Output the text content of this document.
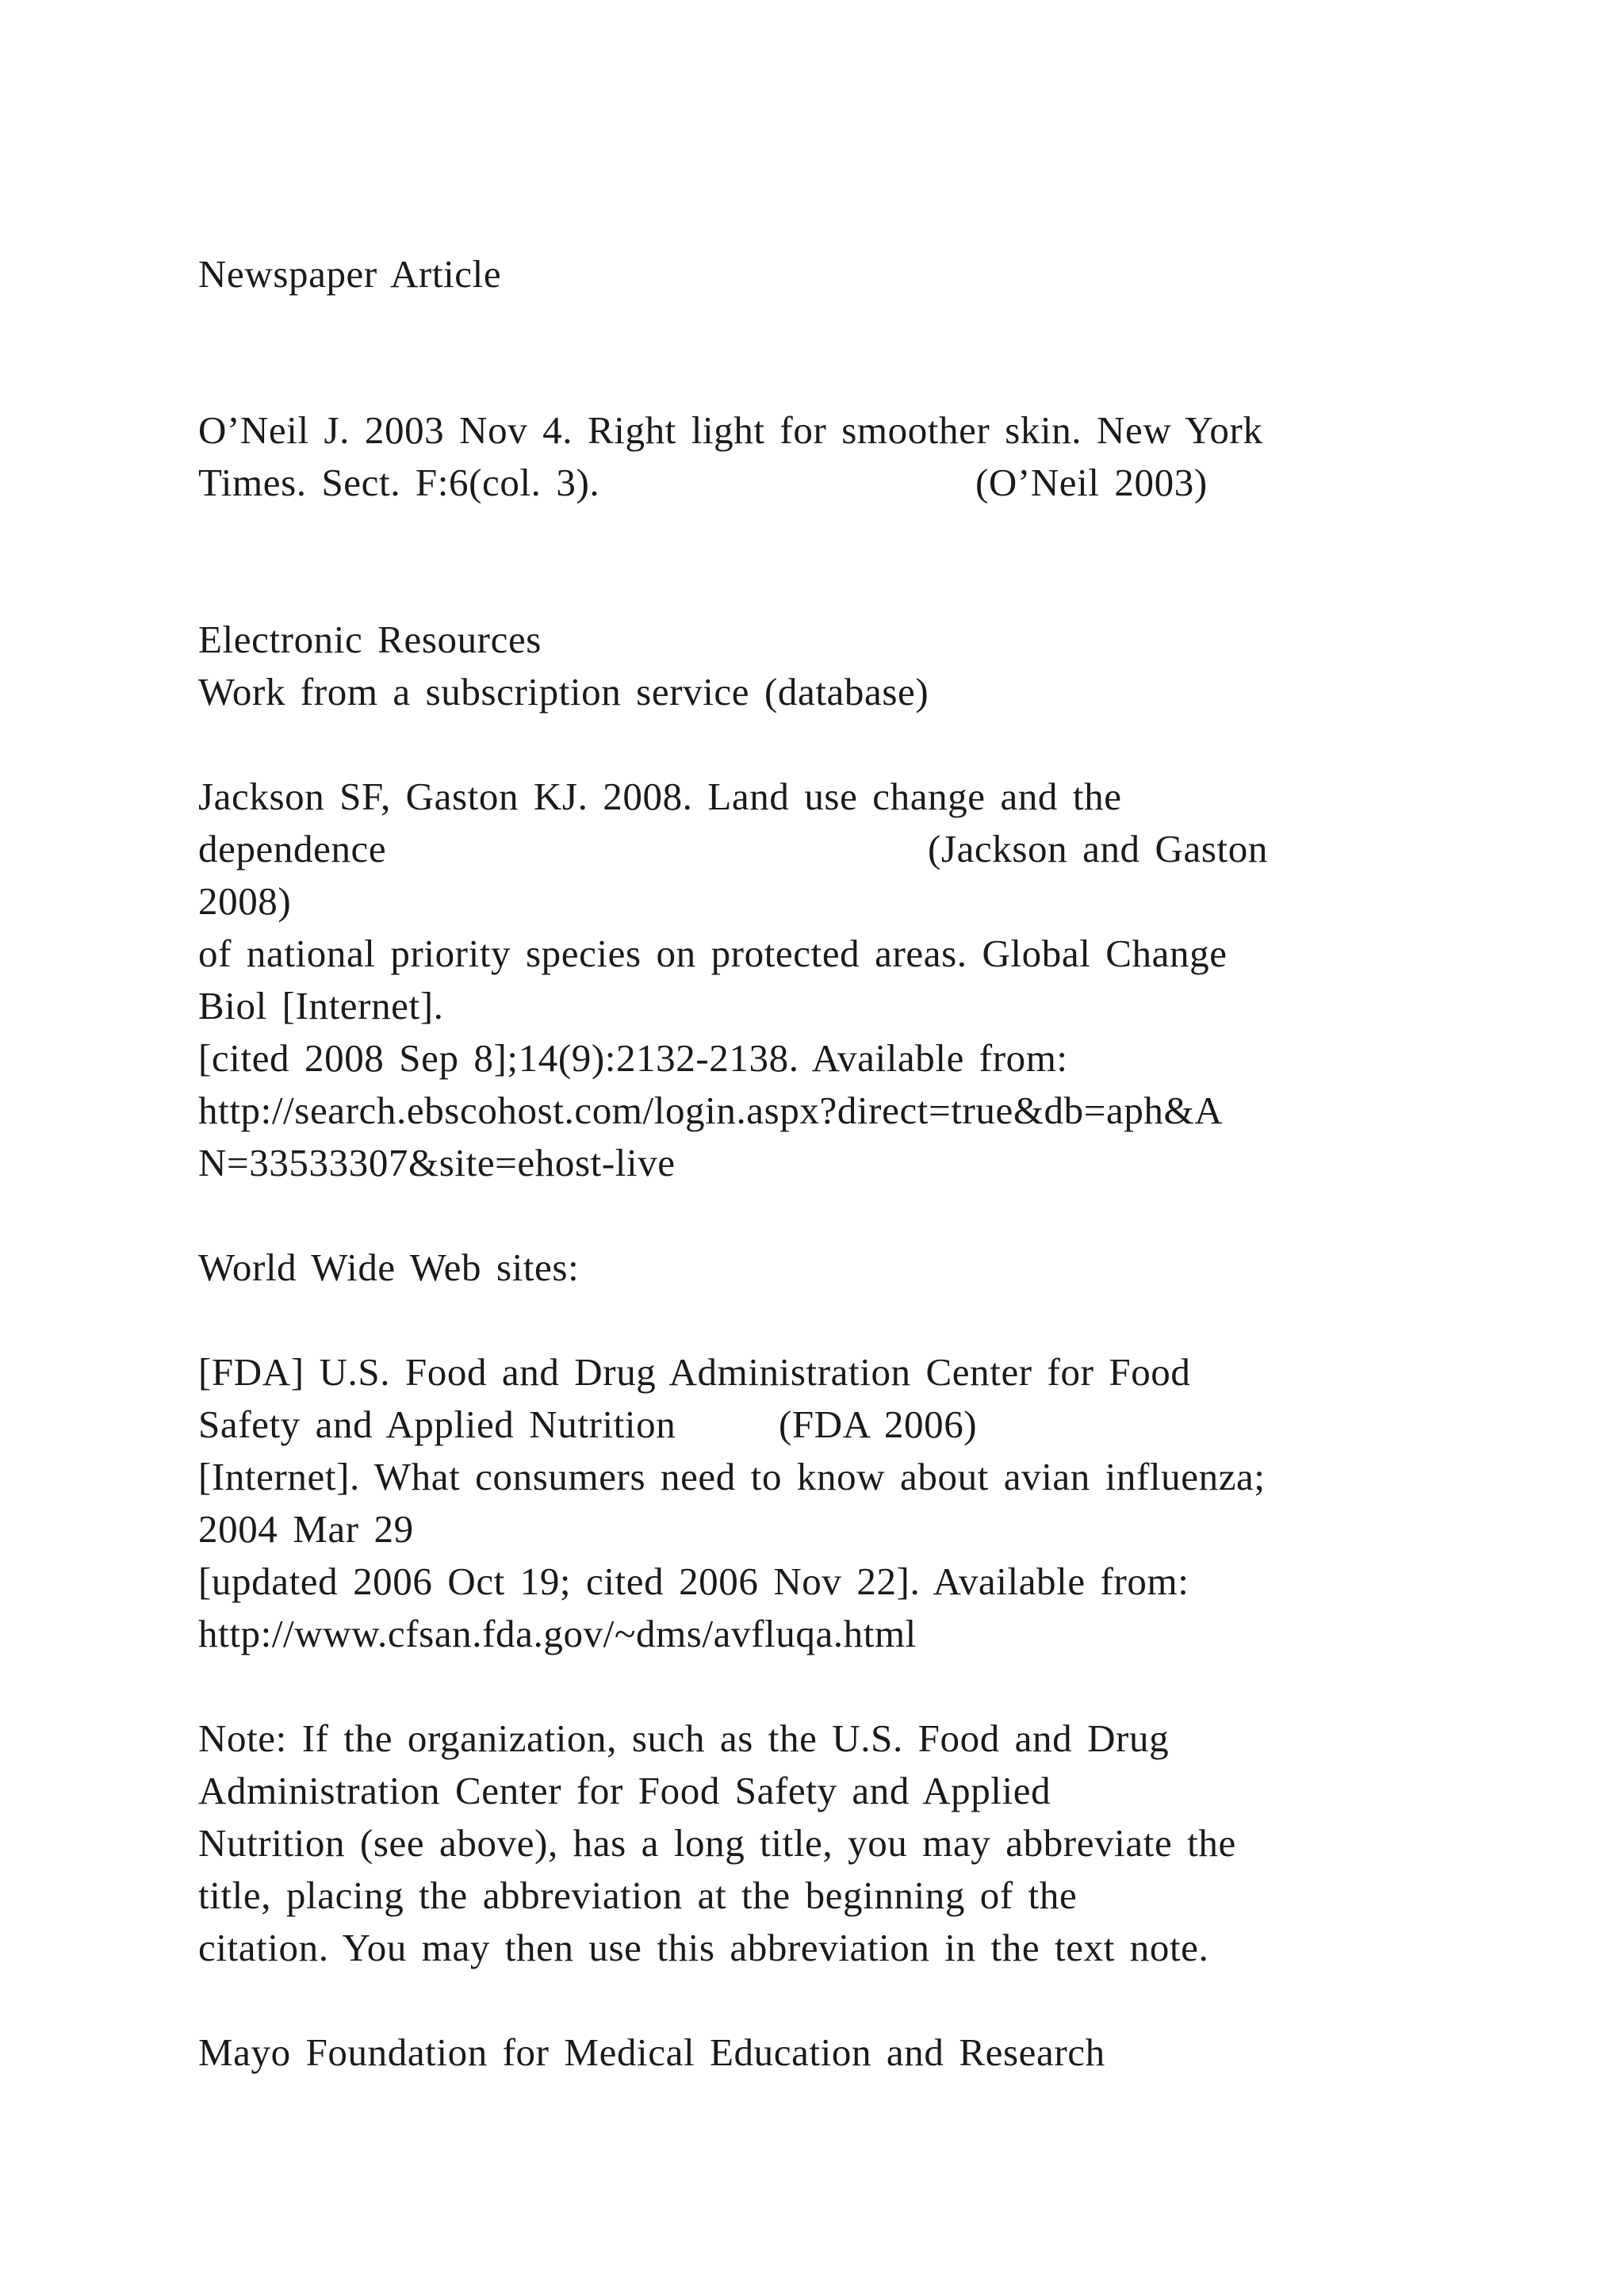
Newspaper Article
O’Neil J. 2003 Nov 4. Right light for smoother skin. New York
Times. Sect. F:6(col. 3).	(O’Neil 2003)
Electronic Resources
Work from a subscription service (database)
Jackson SF, Gaston KJ. 2008. Land use change and the
dependence	(Jackson and Gaston
2008)
of national priority species on protected areas. Global Change
Biol [Internet].
[cited 2008 Sep 8];14(9):2132-2138. Available from:
http://search.ebscohost.com/login.aspx?direct=true&db=aph&A
N=33533307&site=ehost-live
World Wide Web sites:
[FDA] U.S. Food and Drug Administration Center for Food
Safety and Applied Nutrition	(FDA 2006)
[Internet]. What consumers need to know about avian influenza;
2004 Mar 29
[updated 2006 Oct 19; cited 2006 Nov 22]. Available from:
http://www.cfsan.fda.gov/~dms/avfluqa.html
Note: If the organization, such as the U.S. Food and Drug
Administration Center for Food Safety and Applied
Nutrition (see above), has a long title, you may abbreviate the
title, placing the abbreviation at the beginning of the
citation. You may then use this abbreviation in the text note.
Mayo Foundation for Medical Education and Research
